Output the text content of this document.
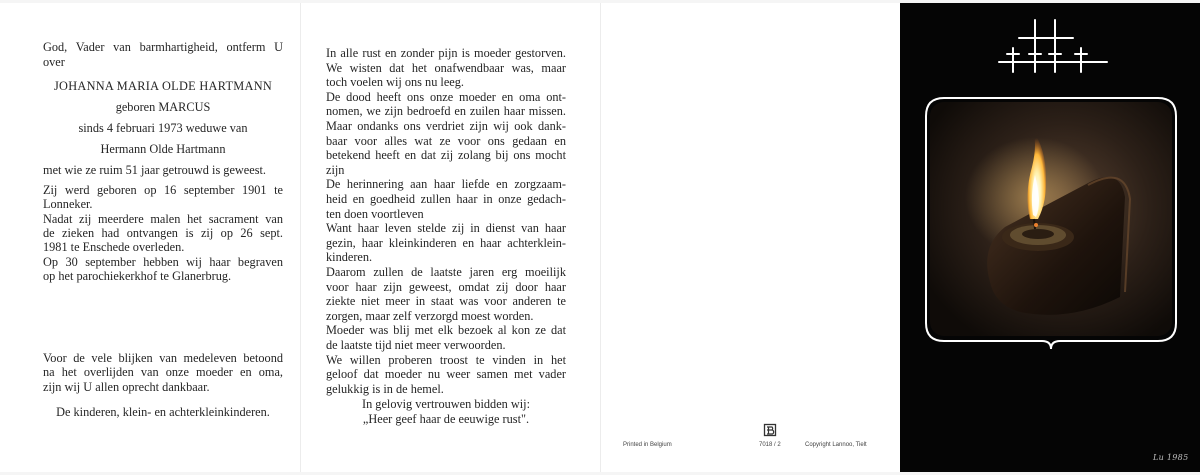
God, Vader van barmhartigheid, ontferm U
over
JOHANNA MARIA OLDE HARTMANN
geboren MARCUS
sinds 4 februari 1973 weduwe van
Hermann Olde Hartmann
met wie ze ruim 51 jaar getrouwd is geweest.
Zij werd geboren op 16 september 1901 te
Lonneker.
Nadat zij meerdere malen het sacrament van
de zieken had ontvangen is zij op 26 sept.
1981 te Enschede overleden.
Op 30 september hebben wij haar begraven
op het parochiekerkhof te Glanerbrug.
Voor de vele blijken van medeleven betoond
na het overlijden van onze moeder en oma,
zijn wij U allen oprecht dankbaar.
De kinderen, klein- en achterkleinkinderen.
In alle rust en zonder pijn is moeder gestorven.
We wisten dat het onafwendbaar was, maar
toch voelen wij ons nu leeg.
De dood heeft ons onze moeder en oma ont-
nomen, we zijn bedroefd en zuilen haar missen.
Maar ondanks ons verdriet zijn wij ook dank-
baar voor alles wat ze voor ons gedaan en
betekend heeft en dat zij zolang bij ons mocht
zijn
De herinnering aan haar liefde en zorgzaam-
heid en goedheid zullen haar in onze gedach-
ten doen voortleven
Want haar leven stelde zij in dienst van haar
gezin, haar kleinkinderen en haar achterklein-
kinderen.
Daarom zullen de laatste jaren erg moeilijk
voor haar zijn geweest, omdat zij door haar
ziekte niet meer in staat was voor anderen te
zorgen, maar zelf verzorgd moest worden.
Moeder was blij met elk bezoek al kon ze dat
de laatste tijd niet meer verwoorden.
We willen proberen troost te vinden in het
geloof dat moeder nu weer samen met vader
gelukkig is in de hemel.
In gelovig vertrouwen bidden wij:
„Heer geef haar de eeuwige rust".
Printed in Belgium	7018 / 2	Copyright Lannoo, Tielt
Lu 1985
